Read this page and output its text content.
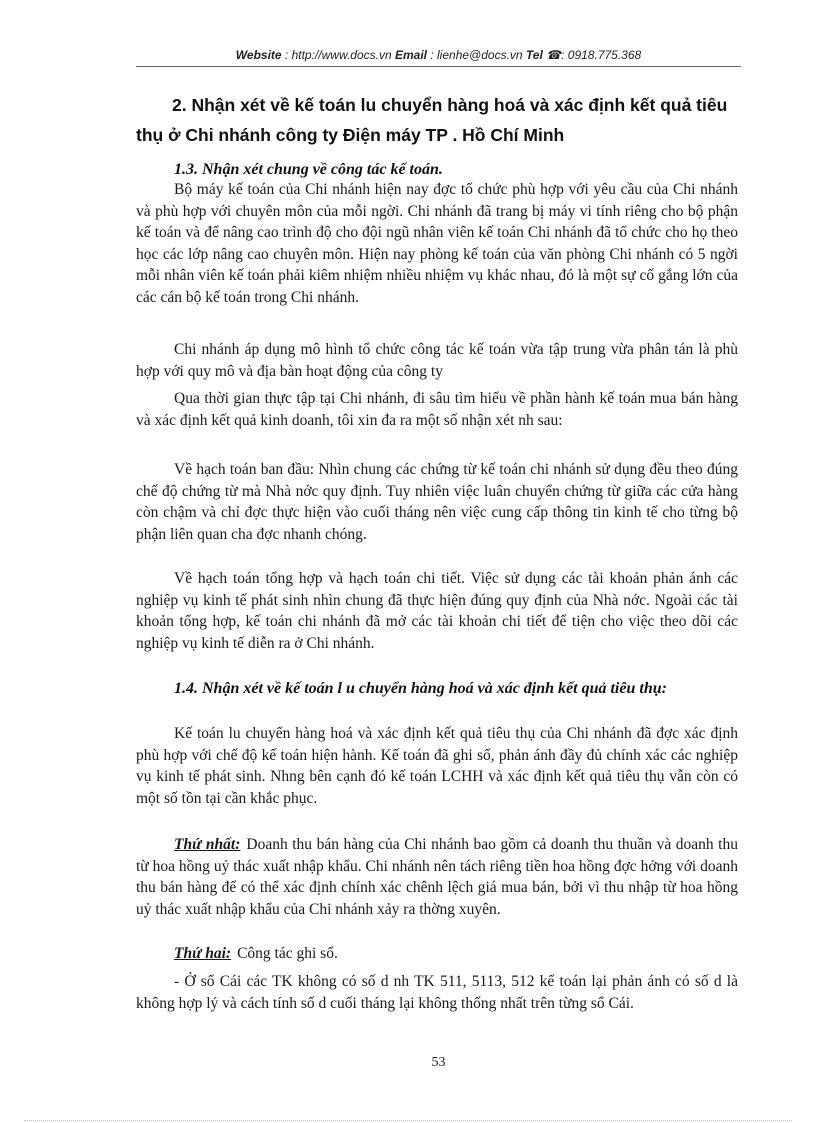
Website : http://www.docs.vn Email : lienhe@docs.vn Tel ☎: 0918.775.368
2. Nhận xét về kế toán lu chuyển hàng hoá và xác định kết quả tiêu thụ ở Chi nhánh công ty Điện máy TP . Hồ Chí Minh
1.3. Nhận xét chung về công tác kế toán.

Bộ máy kế toán của Chi nhánh hiện nay đợc tổ chức phù hợp với yêu cầu của Chi nhánh và phù hợp với chuyên môn của mỗi ngời. Chi nhánh đã trang bị máy vi tính riêng cho bộ phận kế toán và để nâng cao trình độ cho đội ngũ nhân viên kế toán Chi nhánh đã tổ chức cho họ theo học các lớp nâng cao chuyên môn. Hiện nay phòng kế toán của văn phòng Chi nhánh có 5 ngời mỗi nhân viên kế toán phải kiêm nhiệm nhiều nhiệm vụ khác nhau, đó là một sự cố gắng lớn của các cán bộ kế toán trong Chi nhánh.

Chi nhánh áp dụng mô hình tổ chức công tác kế toán vừa tập trung vừa phân tán là phù hợp với quy mô và địa bàn hoạt động của công ty

Qua thời gian thực tập tại Chi nhánh, đi sâu tìm hiểu về phần hành kế toán mua bán hàng và xác định kết quả kinh doanh, tôi xin đa ra một số nhận xét nh sau:

Về hạch toán ban đầu: Nhìn chung các chứng từ kế toán chi nhánh sử dụng đều theo đúng chế độ chứng từ mà Nhà nớc quy định. Tuy nhiên việc luân chuyển chứng từ giữa các cửa hàng còn chậm và chỉ đợc thực hiện vào cuối tháng nên việc cung cấp thông tin kinh tế cho từng bộ phận liên quan cha đợc nhanh chóng.

Về hạch toán tổng hợp và hạch toán chi tiết. Việc sử dụng các tài khoản phản ánh các nghiệp vụ kinh tế phát sinh nhìn chung đã thực hiện đúng quy định của Nhà nớc. Ngoài các tài khoản tổng hợp, kế toán chi nhánh đã mở các tài khoản chi tiết để tiện cho việc theo dõi các nghiệp vụ kinh tế diễn ra ở Chi nhánh.

1.4. Nhận xét về kế toán l u chuyển hàng hoá và xác định kết quả tiêu thụ:

Kế toán lu chuyển hàng hoá và xác định kết quả tiêu thụ của Chi nhánh đã đợc xác định phù hợp với chế độ kế toán hiện hành. Kế toán đã ghi sổ, phản ánh đầy đủ chính xác các nghiệp vụ kinh tế phát sinh. Nhng bên cạnh đó kế toán LCHH và xác định kết quả tiêu thụ vẫn còn có một số tồn tại cần khắc phục.

Thứ nhất: Doanh thu bán hàng của Chi nhánh bao gồm cả doanh thu thuần và doanh thu từ hoa hồng uỷ thác xuất nhập khẩu. Chi nhánh nên tách riêng tiền hoa hồng đợc hởng với doanh thu bán hàng để có thể xác định chính xác chênh lệch giá mua bán, bởi vì thu nhập từ hoa hồng uỷ thác xuất nhập khẩu của Chi nhánh xảy ra thờng xuyên.

Thứ hai: Công tác ghi sổ.

- Ở sổ Cái các TK không có số d nh TK 511, 5113, 512 kế toán lại phản ánh có số d là không hợp lý và cách tính số d cuối tháng lại không thống nhất trên từng sổ Cái.

53
